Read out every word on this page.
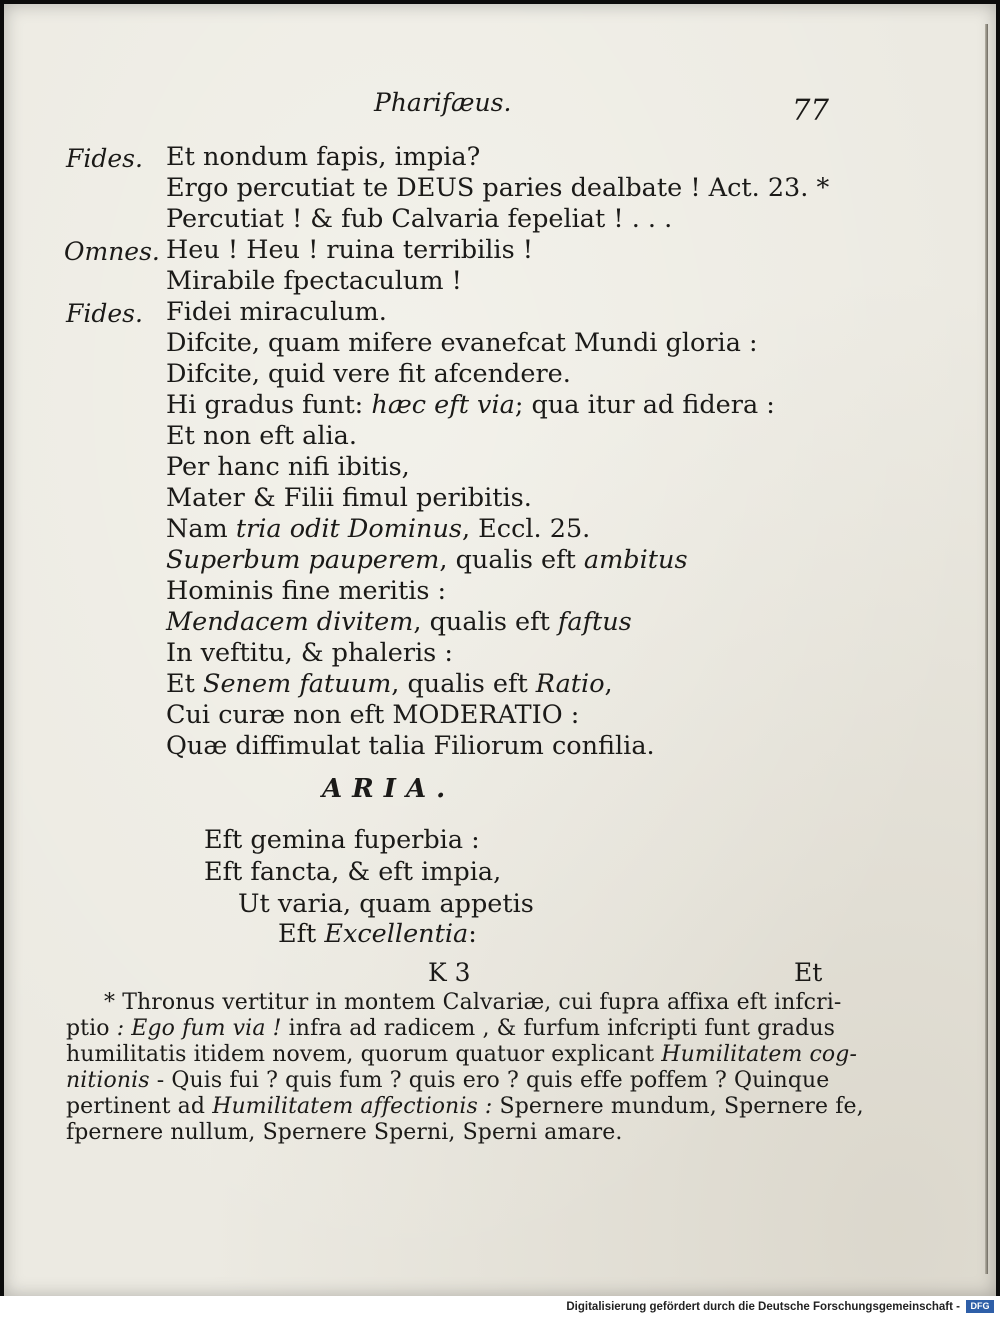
Pharifæus.	77
Fides. Et nondum fapis, impia?
Ergo percutiat te DEUS paries dealbate ! Act. 23. *
Percutiat ! & fub Calvaria fepeliat ! . . .
Omnes. Heu ! Heu ! ruina terribilis !
Mirabile fpectaculum !
Fides. Fidei miraculum.
Difcite, quam mifere evanefcat Mundi gloria :
Difcite, quid vere fit afcendere.
Hi gradus funt: hæc eft via; qua itur ad fidera :
Et non eft alia.
Per hanc nifi ibitis,
Mater & Filii fimul peribitis.
Nam tria odit Dominus, Eccl. 25.
Superbum pauperem, qualis eft ambitus
Hominis fine meritis :
Mendacem divitem, qualis eft faftus
In veftitu, & phaleris :
Et Senem fatuum, qualis eft Ratio,
Cui curæ non eft MODERATIO :
Quæ diffimulat talia Filiorum confilia.
ARIA.
Eft gemina fuperbia :
Eft fancta, & eft impia,
Ut varia, quam appetis
Eft Excellentia:
K 3	Et
* Thronus vertitur in montem Calvariæ, cui fupra affixa eft infcri-
ptio : Ego fum via ! infra ad radicem , & furfum infcripti funt gradus
humilitatis itidem novem, quorum quatuor explicant Humilitatem cog-
nitionis - Quis fui ? quis fum ? quis ero ? quis effe poffem ? Quinque
pertinent ad Humilitatem affectionis : Spernere mundum, Spernere fe,
fpernere nullum, Spernere Sperni, Sperni amare.
Digitalisierung gefördert durch die Deutsche Forschungsgemeinschaft -	DFG
